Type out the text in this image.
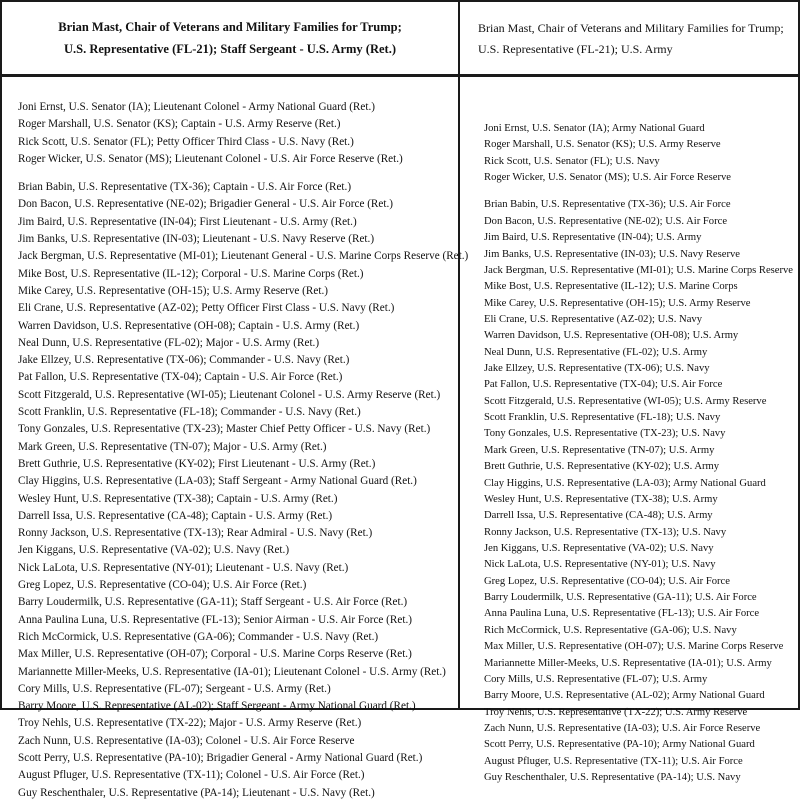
Brian Mast, Chair of Veterans and Military Families for Trump;
U.S. Representative (FL-21); Staff Sergeant - U.S. Army (Ret.)
Brian Mast, Chair of Veterans and Military Families for Trump;
U.S. Representative (FL-21); U.S. Army
Joni Ernst, U.S. Senator (IA); Lieutenant Colonel - Army National Guard (Ret.)
Roger Marshall, U.S. Senator (KS); Captain - U.S. Army Reserve (Ret.)
Rick Scott, U.S. Senator (FL); Petty Officer Third Class - U.S. Navy (Ret.)
Roger Wicker, U.S. Senator (MS); Lieutenant Colonel - U.S. Air Force Reserve (Ret.)
Brian Babin, U.S. Representative (TX-36); Captain - U.S. Air Force (Ret.)
Don Bacon, U.S. Representative (NE-02); Brigadier General - U.S. Air Force (Ret.)
Jim Baird, U.S. Representative (IN-04); First Lieutenant - U.S. Army (Ret.)
Jim Banks, U.S. Representative (IN-03); Lieutenant - U.S. Navy Reserve (Ret.)
Jack Bergman, U.S. Representative (MI-01); Lieutenant General - U.S. Marine Corps Reserve (Ret.)
Mike Bost, U.S. Representative (IL-12); Corporal - U.S. Marine Corps (Ret.)
Mike Carey, U.S. Representative (OH-15); U.S. Army Reserve (Ret.)
Eli Crane, U.S. Representative (AZ-02); Petty Officer First Class - U.S. Navy (Ret.)
Warren Davidson, U.S. Representative (OH-08); Captain - U.S. Army (Ret.)
Neal Dunn, U.S. Representative (FL-02); Major - U.S. Army (Ret.)
Jake Ellzey, U.S. Representative (TX-06); Commander - U.S. Navy (Ret.)
Pat Fallon, U.S. Representative (TX-04); Captain - U.S. Air Force (Ret.)
Scott Fitzgerald, U.S. Representative (WI-05); Lieutenant Colonel - U.S. Army Reserve (Ret.)
Scott Franklin, U.S. Representative (FL-18); Commander - U.S. Navy (Ret.)
Tony Gonzales, U.S. Representative (TX-23); Master Chief Petty Officer - U.S. Navy (Ret.)
Mark Green, U.S. Representative (TN-07); Major - U.S. Army (Ret.)
Brett Guthrie, U.S. Representative (KY-02); First Lieutenant - U.S. Army (Ret.)
Clay Higgins, U.S. Representative (LA-03); Staff Sergeant - Army National Guard (Ret.)
Wesley Hunt, U.S. Representative (TX-38); Captain - U.S. Army (Ret.)
Darrell Issa, U.S. Representative (CA-48); Captain - U.S. Army (Ret.)
Ronny Jackson, U.S. Representative (TX-13); Rear Admiral - U.S. Navy (Ret.)
Jen Kiggans, U.S. Representative (VA-02); U.S. Navy (Ret.)
Nick LaLota, U.S. Representative (NY-01); Lieutenant - U.S. Navy (Ret.)
Greg Lopez, U.S. Representative (CO-04); U.S. Air Force (Ret.)
Barry Loudermilk, U.S. Representative (GA-11); Staff Sergeant - U.S. Air Force (Ret.)
Anna Paulina Luna, U.S. Representative (FL-13); Senior Airman - U.S. Air Force (Ret.)
Rich McCormick, U.S. Representative (GA-06); Commander - U.S. Navy (Ret.)
Max Miller, U.S. Representative (OH-07); Corporal - U.S. Marine Corps Reserve (Ret.)
Mariannette Miller-Meeks, U.S. Representative (IA-01); Lieutenant Colonel - U.S. Army (Ret.)
Cory Mills, U.S. Representative (FL-07); Sergeant - U.S. Army (Ret.)
Barry Moore, U.S. Representative (AL-02); Staff Sergeant - Army National Guard (Ret.)
Troy Nehls, U.S. Representative (TX-22); Major - U.S. Army Reserve (Ret.)
Zach Nunn, U.S. Representative (IA-03); Colonel - U.S. Air Force Reserve
Scott Perry, U.S. Representative (PA-10); Brigadier General - Army National Guard (Ret.)
August Pfluger, U.S. Representative (TX-11); Colonel - U.S. Air Force (Ret.)
Guy Reschenthaler, U.S. Representative (PA-14); Lieutenant - U.S. Navy (Ret.)
Joni Ernst, U.S. Senator (IA); Army National Guard
Roger Marshall, U.S. Senator (KS); U.S. Army Reserve
Rick Scott, U.S. Senator (FL); U.S. Navy
Roger Wicker, U.S. Senator (MS); U.S. Air Force Reserve
Brian Babin, U.S. Representative (TX-36); U.S. Air Force
Don Bacon, U.S. Representative (NE-02); U.S. Air Force
Jim Baird, U.S. Representative (IN-04); U.S. Army
Jim Banks, U.S. Representative (IN-03); U.S. Navy Reserve
Jack Bergman, U.S. Representative (MI-01); U.S. Marine Corps Reserve
Mike Bost, U.S. Representative (IL-12); U.S. Marine Corps
Mike Carey, U.S. Representative (OH-15); U.S. Army Reserve
Eli Crane, U.S. Representative (AZ-02); U.S. Navy
Warren Davidson, U.S. Representative (OH-08); U.S. Army
Neal Dunn, U.S. Representative (FL-02); U.S. Army
Jake Ellzey, U.S. Representative (TX-06); U.S. Navy
Pat Fallon, U.S. Representative (TX-04); U.S. Air Force
Scott Fitzgerald, U.S. Representative (WI-05); U.S. Army Reserve
Scott Franklin, U.S. Representative (FL-18); U.S. Navy
Tony Gonzales, U.S. Representative (TX-23); U.S. Navy
Mark Green, U.S. Representative (TN-07); U.S. Army
Brett Guthrie, U.S. Representative (KY-02); U.S. Army
Clay Higgins, U.S. Representative (LA-03); Army National Guard
Wesley Hunt, U.S. Representative (TX-38); U.S. Army
Darrell Issa, U.S. Representative (CA-48); U.S. Army
Ronny Jackson, U.S. Representative (TX-13); U.S. Navy
Jen Kiggans, U.S. Representative (VA-02); U.S. Navy
Nick LaLota, U.S. Representative (NY-01); U.S. Navy
Greg Lopez, U.S. Representative (CO-04); U.S. Air Force
Barry Loudermilk, U.S. Representative (GA-11); U.S. Air Force
Anna Paulina Luna, U.S. Representative (FL-13); U.S. Air Force
Rich McCormick, U.S. Representative (GA-06); U.S. Navy
Max Miller, U.S. Representative (OH-07); U.S. Marine Corps Reserve
Mariannette Miller-Meeks, U.S. Representative (IA-01); U.S. Army
Cory Mills, U.S. Representative (FL-07); U.S. Army
Barry Moore, U.S. Representative (AL-02); Army National Guard
Troy Nehls, U.S. Representative (TX-22); U.S. Army Reserve
Zach Nunn, U.S. Representative (IA-03); U.S. Air Force Reserve
Scott Perry, U.S. Representative (PA-10); Army National Guard
August Pfluger, U.S. Representative (TX-11); U.S. Air Force
Guy Reschenthaler, U.S. Representative (PA-14); U.S. Navy
